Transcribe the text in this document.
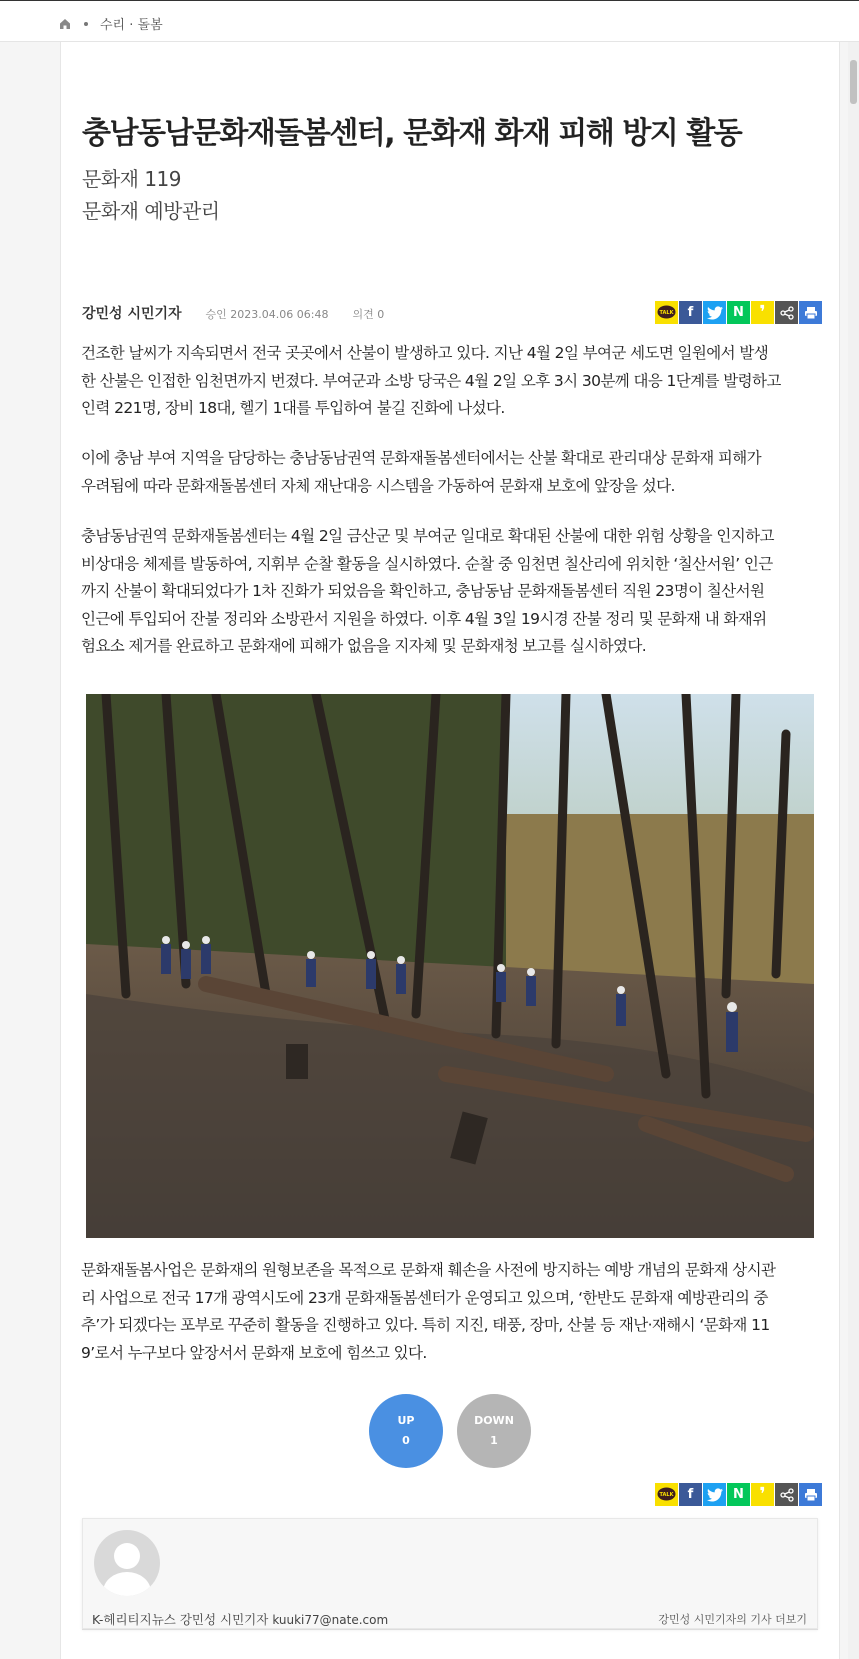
수리 · 돌봄
충남동남문화재돌봄센터, 문화재 화재 피해 방지 활동
문화재 119
문화재 예방관리
강민성 시민기자 승인 2023.04.06 06:48 의견 0	TALK f	N ❜
건조한 날씨가 지속되면서 전국 곳곳에서 산불이 발생하고 있다. 지난 4월 2일 부여군 세도면 일원에서 발생
한 산불은 인접한 임천면까지 번졌다. 부여군과 소방 당국은 4월 2일 오후 3시 30분께 대응 1단계를 발령하고
인력 221명, 장비 18대, 헬기 1대를 투입하여 불길 진화에 나섰다.
이에 충남 부여 지역을 담당하는 충남동남권역 문화재돌봄센터에서는 산불 확대로 관리대상 문화재 피해가
우려됨에 따라 문화재돌봄센터 자체 재난대응 시스템을 가동하여 문화재 보호에 앞장을 섰다.
충남동남권역 문화재돌봄센터는 4월 2일 금산군 및 부여군 일대로 확대된 산불에 대한 위험 상황을 인지하고
비상대응 체제를 발동하여, 지휘부 순찰 활동을 실시하였다. 순찰 중 임천면 칠산리에 위치한 ‘칠산서원’ 인근
까지 산불이 확대되었다가 1차 진화가 되었음을 확인하고, 충남동남 문화재돌봄센터 직원 23명이 칠산서원
인근에 투입되어 잔불 정리와 소방관서 지원을 하였다. 이후 4월 3일 19시경 잔불 정리 및 문화재 내 화재위
험요소 제거를 완료하고 문화재에 피해가 없음을 지자체 및 문화재청 보고를 실시하였다.
문화재돌봄사업은 문화재의 원형보존을 목적으로 문화재 훼손을 사전에 방지하는 예방 개념의 문화재 상시관
리 사업으로 전국 17개 광역시도에 23개 문화재돌봄센터가 운영되고 있으며, ‘한반도 문화재 예방관리의 중
추’가 되겠다는 포부로 꾸준히 활동을 진행하고 있다. 특히 지진, 태풍, 장마, 산불 등 재난·재해시 ‘문화재 11
9’로서 누구보다 앞장서서 문화재 보호에 힘쓰고 있다.
UP
0
DOWN
1
TALK f	N ❜
K-헤리티지뉴스 강민성 시민기자 kuuki77@nate.com	강민성 시민기자의 기사 더보기
